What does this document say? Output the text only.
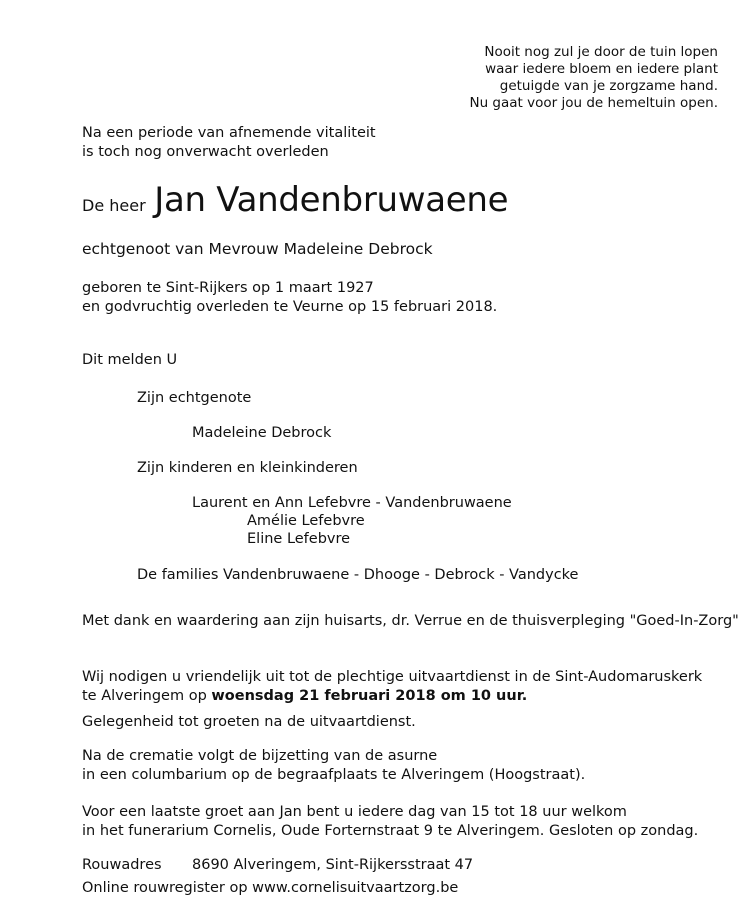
Nooit nog zul je door de tuin lopen
waar iedere bloem en iedere plant
getuigde van je zorgzame hand.
Nu gaat voor jou de hemeltuin open.
Na een periode van afnemende vitaliteit
is toch nog onverwacht overleden
De heer Jan Vandenbruwaene
echtgenoot van Mevrouw Madeleine Debrock
geboren te Sint-Rijkers op 1 maart 1927
en godvruchtig overleden te Veurne op 15 februari 2018.
Dit melden U
Zijn echtgenote
Madeleine Debrock
Zijn kinderen en kleinkinderen
Laurent en Ann Lefebvre - Vandenbruwaene
Amélie Lefebvre
Eline Lefebvre
De families Vandenbruwaene - Dhooge - Debrock - Vandycke
Met dank en waardering aan zijn huisarts, dr. Verrue en de thuisverpleging "Goed-In-Zorg"
Wij nodigen u vriendelijk uit tot de plechtige uitvaartdienst in de Sint-Audomaruskerk
te Alveringem op woensdag 21 februari 2018 om 10 uur.
Gelegenheid tot groeten na de uitvaartdienst.
Na de crematie volgt de bijzetting van de asurne
in een columbarium op de begraafplaats te Alveringem (Hoogstraat).
Voor een laatste groet aan Jan bent u iedere dag van 15 tot 18 uur welkom
in het funerarium Cornelis, Oude Forternstraat 9 te Alveringem. Gesloten op zondag.
Rouwadres 8690 Alveringem, Sint-Rijkersstraat 47
Online rouwregister op www.cornelisuitvaartzorg.be
